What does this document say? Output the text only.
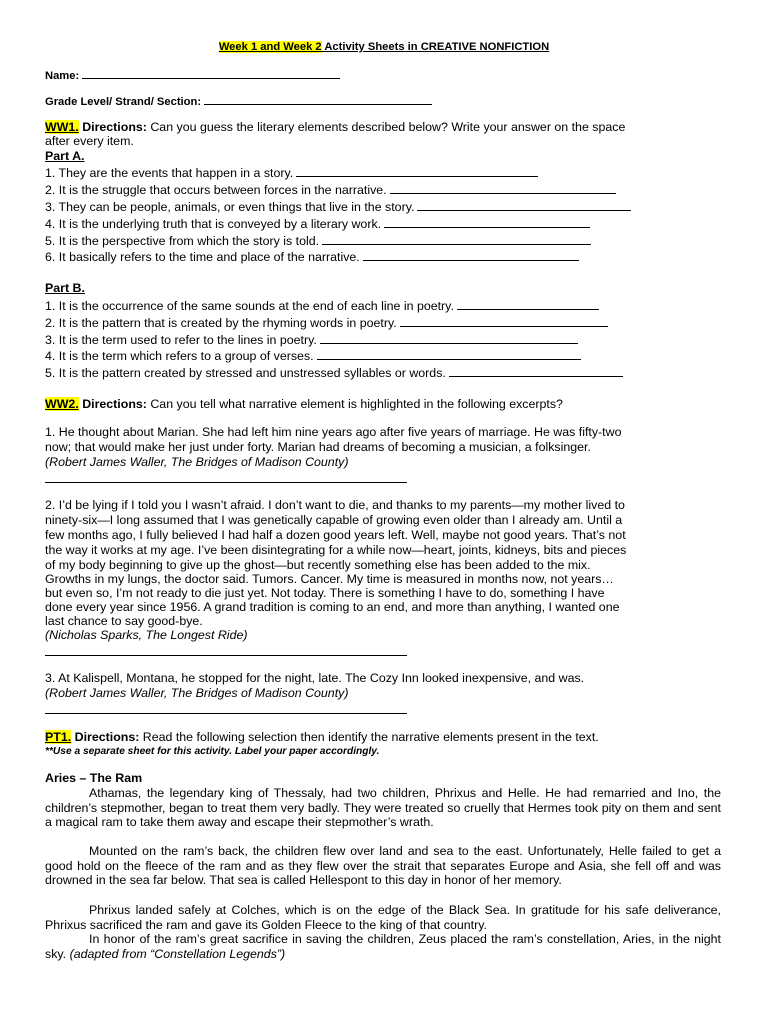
Week 1 and Week 2 Activity Sheets in CREATIVE NONFICTION
Name:
Grade Level/ Strand/ Section:
WW1. Directions: Can you guess the literary elements described below? Write your answer on the space
after every item.
Part A.
1. They are the events that happen in a story.
2. It is the struggle that occurs between forces in the narrative.
3. They can be people, animals, or even things that live in the story.
4. It is the underlying truth that is conveyed by a literary work.
5. It is the perspective from which the story is told.
6. It basically refers to the time and place of the narrative.
Part B.
1. It is the occurrence of the same sounds at the end of each line in poetry.
2. It is the pattern that is created by the rhyming words in poetry.
3. It is the term used to refer to the lines in poetry.
4. It is the term which refers to a group of verses.
5. It is the pattern created by stressed and unstressed syllables or words.
WW2. Directions: Can you tell what narrative element is highlighted in the following excerpts?
1. He thought about Marian. She had left him nine years ago after five years of marriage. He was fifty-two
now; that would make her just under forty. Marian had dreams of becoming a musician, a folksinger.
(Robert James Waller, The Bridges of Madison County)
2. I’d be lying if I told you I wasn’t afraid. I don’t want to die, and thanks to my parents—my mother lived to
ninety-six—I long assumed that I was genetically capable of growing even older than I already am. Until a
few months ago, I fully believed I had half a dozen good years left. Well, maybe not good years. That’s not
the way it works at my age. I’ve been disintegrating for a while now—heart, joints, kidneys, bits and pieces
of my body beginning to give up the ghost—but recently something else has been added to the mix.
Growths in my lungs, the doctor said. Tumors. Cancer. My time is measured in months now, not years…
but even so, I’m not ready to die just yet. Not today. There is something I have to do, something I have
done every year since 1956. A grand tradition is coming to an end, and more than anything, I wanted one
last chance to say good-bye.
(Nicholas Sparks, The Longest Ride)
3. At Kalispell, Montana, he stopped for the night, late. The Cozy Inn looked inexpensive, and was.
(Robert James Waller, The Bridges of Madison County)
PT1. Directions: Read the following selection then identify the narrative elements present in the text.
**Use a separate sheet for this activity. Label your paper accordingly.
Aries – The Ram
Athamas, the legendary king of Thessaly, had two children, Phrixus and Helle. He had remarried and Ino, the children’s stepmother, began to treat them very badly. They were treated so cruelly that Hermes took pity on them and sent a magical ram to take them away and escape their stepmother’s wrath.
Mounted on the ram’s back, the children flew over land and sea to the east. Unfortunately, Helle failed to get a good hold on the fleece of the ram and as they flew over the strait that separates Europe and Asia, she fell off and was drowned in the sea far below. That sea is called Hellespont to this day in honor of her memory.
Phrixus landed safely at Colches, which is on the edge of the Black Sea. In gratitude for his safe deliverance, Phrixus sacrificed the ram and gave its Golden Fleece to the king of that country.
In honor of the ram’s great sacrifice in saving the children, Zeus placed the ram’s constellation, Aries, in the night sky. (adapted from “Constellation Legends”)
